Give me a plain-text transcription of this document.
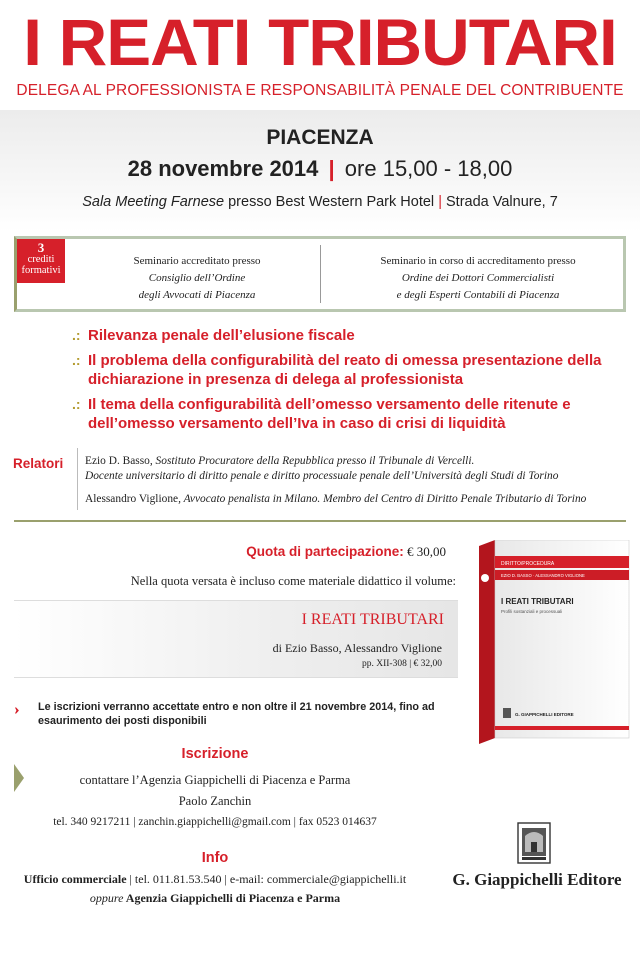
I REATI TRIBUTARI
DELEGA AL PROFESSIONISTA E RESPONSABILITÀ PENALE DEL CONTRIBUENTE
PIACENZA
28 novembre 2014 | ore 15,00 - 18,00
Sala Meeting Farnese presso Best Western Park Hotel | Strada Valnure, 7
3
crediti
formativi
Seminario accreditato presso
Consiglio dell’Ordine
degli Avvocati di Piacenza
Seminario in corso di accreditamento presso
Ordine dei Dottori Commercialisti
e degli Esperti Contabili di Piacenza
.: Rilevanza penale dell’elusione fiscale
.: Il problema della configurabilità del reato di omessa presentazione della dichiarazione in presenza di delega al professionista
.: Il tema della configurabilità dell’omesso versamento delle ritenute e dell’omesso versamento dell’Iva in caso di crisi di liquidità
Relatori Ezio D. Basso, Sostituto Procuratore della Repubblica presso il Tribunale di Vercelli.
Docente universitario di diritto penale e diritto processuale penale dell’Università degli Studi di Torino
Alessandro Viglione, Avvocato penalista in Milano. Membro del Centro di Diritto Penale Tributario di Torino
Quota di partecipazione: € 30,00
Nella quota versata è incluso come materiale didattico il volume:
I REATI TRIBUTARI
di Ezio Basso, Alessandro Viglione
pp. XII-308 | € 32,00
DIRITTO/PROCEDURA
EZIO D. BASSO · ALESSANDRO VIGLIONE
I REATI TRIBUTARI
Profili sostanziali e processuali
G. GIAPPICHELLI EDITORE
›› Le iscrizioni verranno accettate entro e non oltre il 21 novembre 2014, fino ad esaurimento dei posti disponibili
Iscrizione
contattare l’Agenzia Giappichelli di Piacenza e Parma
Paolo Zanchin
tel. 340 9217211 | zanchin.giappichelli@gmail.com | fax 0523 014637
Info
Ufficio commerciale | tel. 011.81.53.540 | e-mail: commerciale@giappichelli.it
oppure Agenzia Giappichelli di Piacenza e Parma
G. Giappichelli Editore
